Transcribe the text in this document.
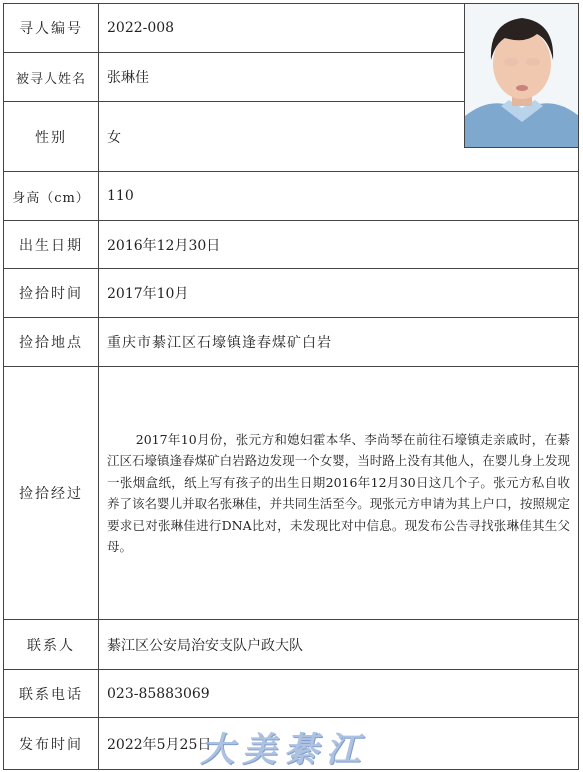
寻人编号	2022-008
被寻人姓名	张琳佳
性别	女
身高（cm）	110
出生日期	2016年12月30日
捡拾时间	2017年10月
捡拾地点	重庆市綦江区石壕镇逢春煤矿白岩
捡拾经过

2017年10月份，张元方和媳妇霍本华、李尚琴在前往石壕镇走亲戚时，在綦江区石壕镇逢春煤矿白岩路边发现一个女婴，当时路上没有其他人，在婴儿身上发现一张烟盒纸，纸上写有孩子的出生日期2016年12月30日这几个子。张元方私自收养了该名婴儿并取名张琳佳，并共同生活至今。现张元方申请为其上户口，按照规定要求已对张琳佳进行DNA比对，未发现比对中信息。现发布公告寻找张琳佳其生父母。

联系人	綦江区公安局治安支队户政大队
联系电话	023-85883069
发布时间	2022年5月25日
大美綦江
